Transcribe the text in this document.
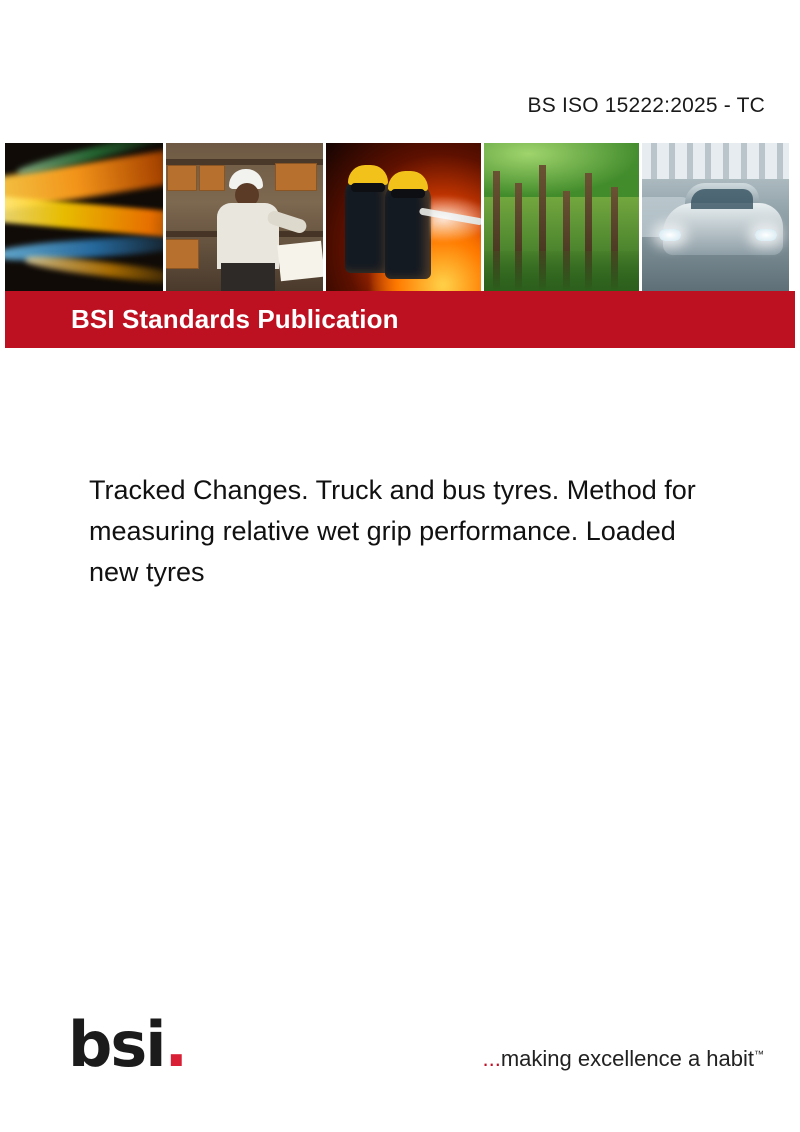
BS ISO 15222:2025 - TC
BSI Standards Publication
Tracked Changes. Truck and bus tyres. Method for measuring relative wet grip performance. Loaded new tyres
bsi.	...making excellence a habit™
